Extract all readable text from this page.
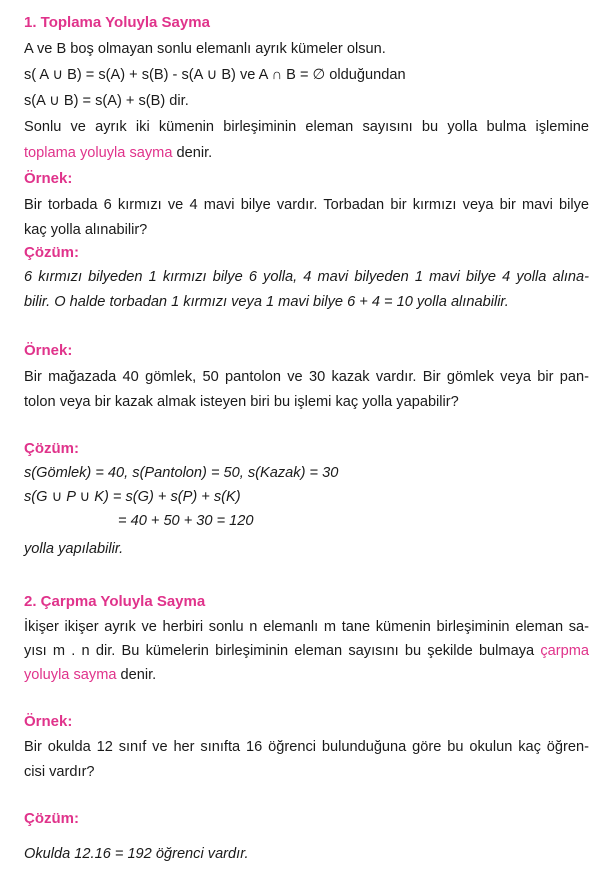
1. Toplama Yoluyla Sayma
A ve B boş olmayan sonlu elemanlı ayrık kümeler olsun.
s( A ∪ B) = s(A) + s(B) - s(A ∪ B) ve A ∩ B = ∅ olduğundan
s(A ∪ B) = s(A) + s(B) dir.
Sonlu ve ayrık iki kümenin birleşiminin eleman sayısını bu yolla bulma işlemine
toplama yoluyla sayma denir.
Örnek:
Bir torbada 6 kırmızı ve 4 mavi bilye vardır. Torbadan bir kırmızı veya bir mavi bilye
kaç yolla alınabilir?
Çözüm:
6 kırmızı bilyeden 1 kırmızı bilye 6 yolla, 4 mavi bilyeden 1 mavi bilye 4 yolla alına-
bilir. O halde torbadan 1 kırmızı veya 1 mavi bilye 6 + 4 = 10 yolla alınabilir.
Örnek:
Bir mağazada 40 gömlek, 50 pantolon ve 30 kazak vardır. Bir gömlek veya bir pan-
tolon veya bir kazak almak isteyen biri bu işlemi kaç yolla yapabilir?
Çözüm:
s(Gömlek) = 40, s(Pantolon) = 50, s(Kazak) = 30
s(G ∪ P ∪ K) = s(G) + s(P) + s(K)
= 40 + 50 + 30 = 120
yolla yapılabilir.
2. Çarpma Yoluyla Sayma
İkişer ikişer ayrık ve herbiri sonlu n elemanlı m tane kümenin birleşiminin eleman sa-
yısı m . n dir. Bu kümelerin birleşiminin eleman sayısını bu şekilde bulmaya çarpma
yoluyla sayma denir.
Örnek:
Bir okulda 12 sınıf ve her sınıfta 16 öğrenci bulunduğuna göre bu okulun kaç öğren-
cisi vardır?
Çözüm:
Okulda 12.16 = 192 öğrenci vardır.
